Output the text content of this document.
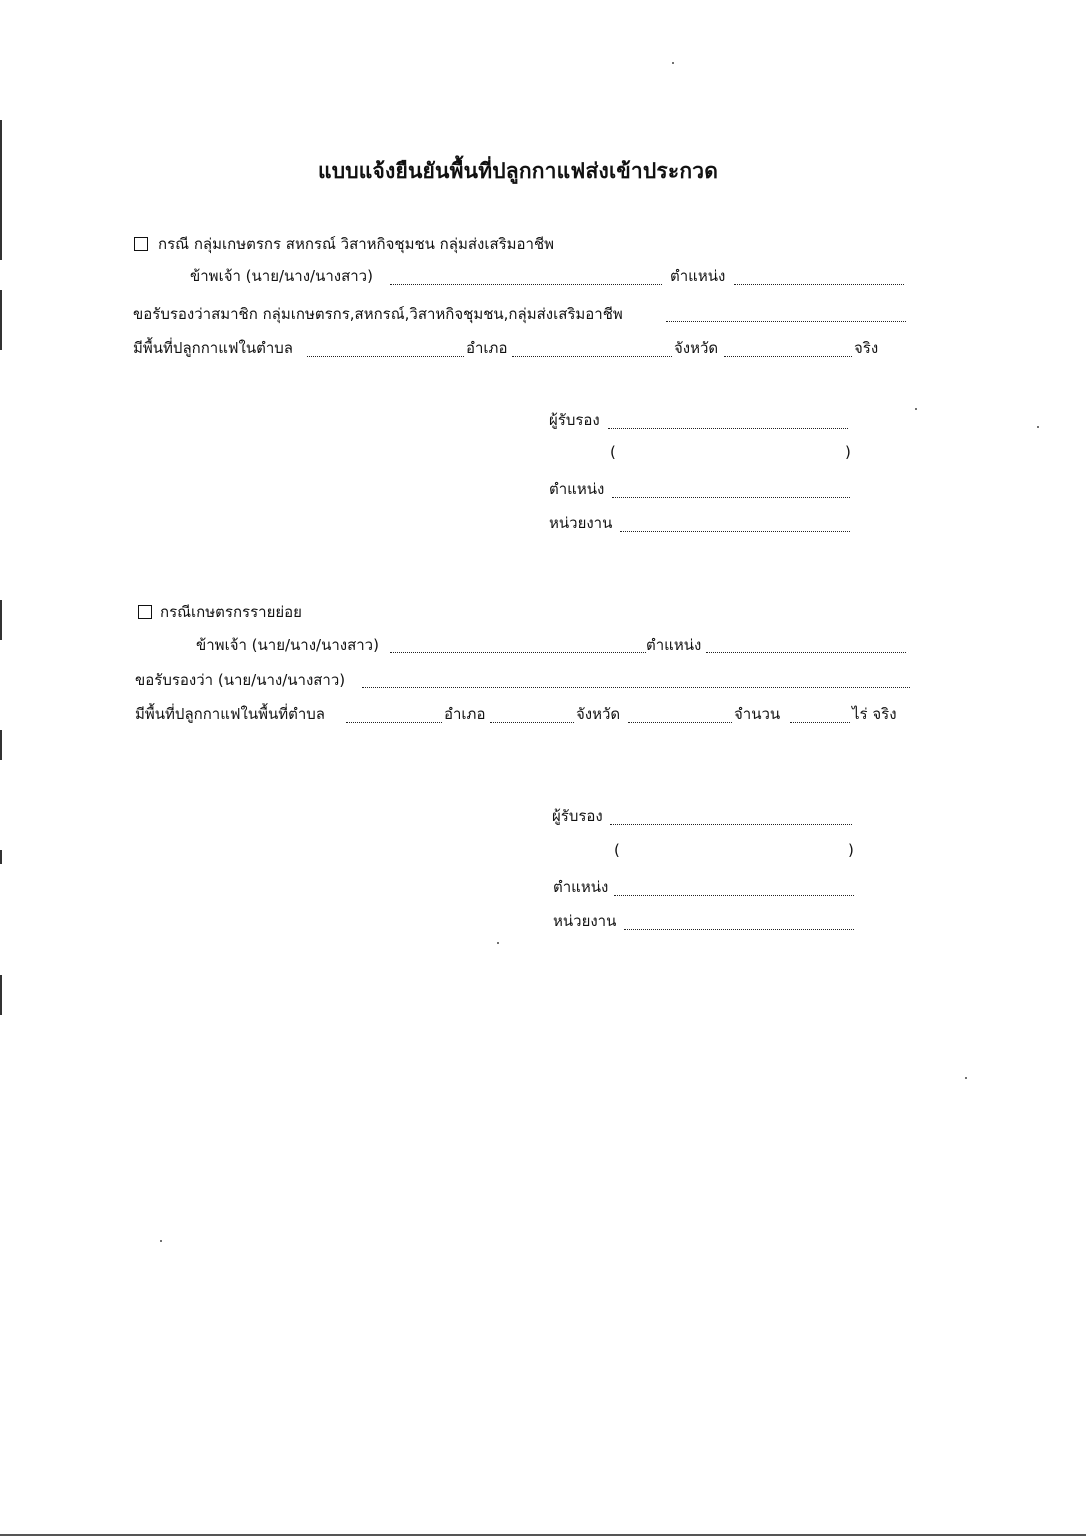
แบบแจ้งยืนยันพื้นที่ปลูกกาแฟส่งเข้าประกวด
กรณี กลุ่มเกษตรกร สหกรณ์ วิสาหกิจชุมชน กลุ่มส่งเสริมอาชีพ
ข้าพเจ้า (นาย/นาง/นางสาว)	ตำแหน่ง
ขอรับรองว่าสมาชิก กลุ่มเกษตรกร,สหกรณ์,วิสาหกิจชุมชน,กลุ่มส่งเสริมอาชีพ
มีพื้นที่ปลูกกาแฟในตำบล	อำเภอ	จังหวัด	จริง
ผู้รับรอง
(	)
ตำแหน่ง
หน่วยงาน
กรณีเกษตรกรรายย่อย
ข้าพเจ้า (นาย/นาง/นางสาว)	ตำแหน่ง
ขอรับรองว่า (นาย/นาง/นางสาว)
มีพื้นที่ปลูกกาแฟในพื้นที่ตำบล	อำเภอ	จังหวัด	จำนวน	ไร่ จริง
ผู้รับรอง
(	)
ตำแหน่ง
หน่วยงาน
